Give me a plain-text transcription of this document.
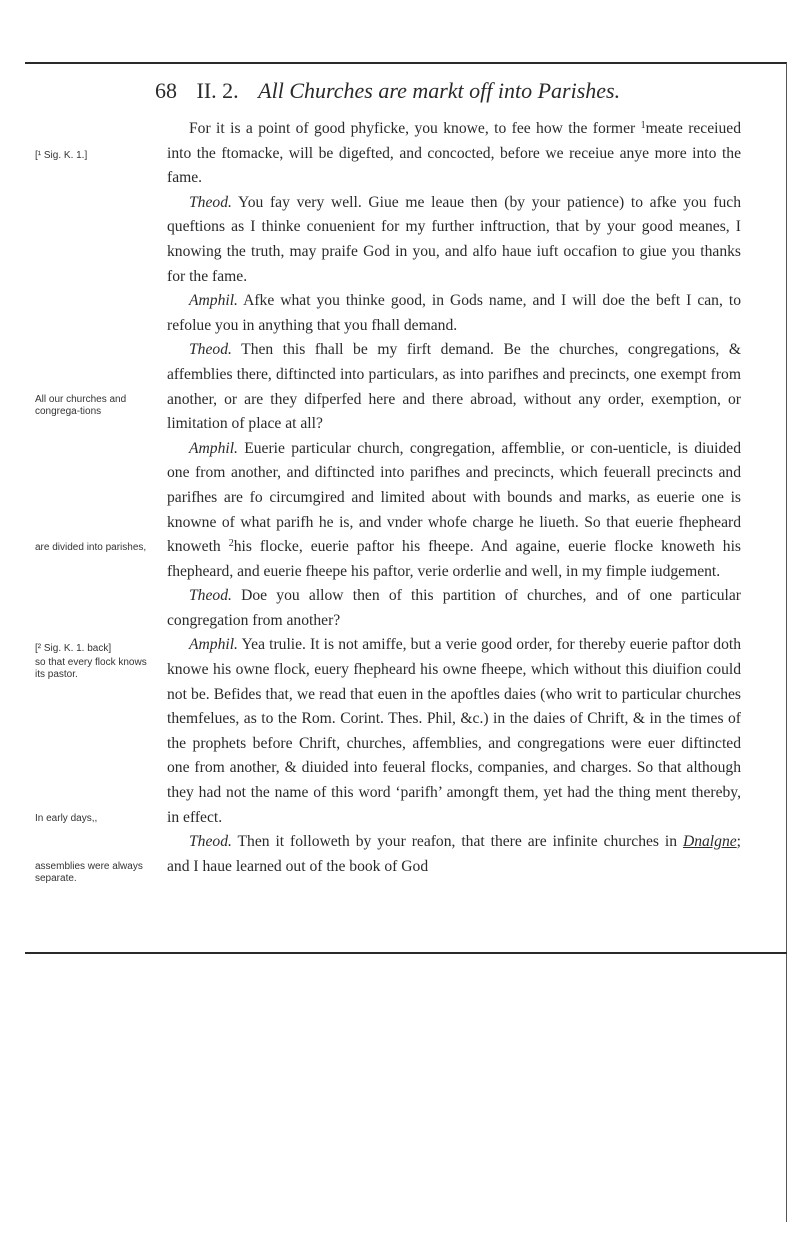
68 II. 2. All Churches are markt off into Parishes.
[¹ Sig. K. 1.]
All our churches and congrega-tions
are divided into parishes,
[² Sig. K. 1. back]
so that every flock knows its pastor.
In early days,,
assemblies were always separate.

For it is a point of good phyficke, you knowe, to fee how the former $^1$meate receiued into the ftomacke, will be digefted, and concocted, before we receiue anye more into the fame.

Theod. You fay very well. Giue me leaue then (by your patience) to afke you fuch queftions as I thinke conuenient for my further inftruction, that by your good meanes, I knowing the truth, may praife God in you, and alfo haue iuft occafion to giue you thanks for the fame.

Amphil. Afke what you thinke good, in Gods name, and I will doe the beft I can, to refolue you in anything that you fhall demand.

Theod. Then this fhall be my firft demand. Be the churches, congregations, & affemblies there, diftincted into particulars, as into parifhes and precincts, one exempt from another, or are they difperfed here and there abroad, without any order, exemption, or limitation of place at all?

Amphil. Euerie particular church, congregation, affemblie, or con-uenticle, is diuided one from another, and diftincted into parifhes and precincts, which feuerall precincts and parifhes are fo circumgired and limited about with bounds and marks, as euerie one is knowne of what parifh he is, and vnder whofe charge he liueth. So that euerie fhepheard knoweth $^2$his flocke, euerie paftor his fheepe. And againe, euerie flocke knoweth his fhepheard, and euerie fheepe his paftor, verie orderlie and well, in my fimple iudgement.

Theod. Doe you allow then of this partition of churches, and of one particular congregation from another?

Amphil. Yea trulie. It is not amiffe, but a verie good order, for thereby euerie paftor doth knowe his owne flock, euery fhepheard his owne fheepe, which without this diuifion could not be. Befides that, we read that euen in the apoftles daies (who writ to particular churches themfelues, as to the Rom. Corint. Thes. Phil, &c.) in the daies of Chrift, & in the times of the prophets before Chrift, churches, affemblies, and congregations were euer diftincted one from another, & diuided into feueral flocks, companies, and charges. So that although they had not the name of this word ‘parifh’ amongft them, yet had the thing ment thereby, in effect.

Theod. Then it followeth by your reafon, that there are infinite churches in Dnalgne; and I haue learned out of the book of God
